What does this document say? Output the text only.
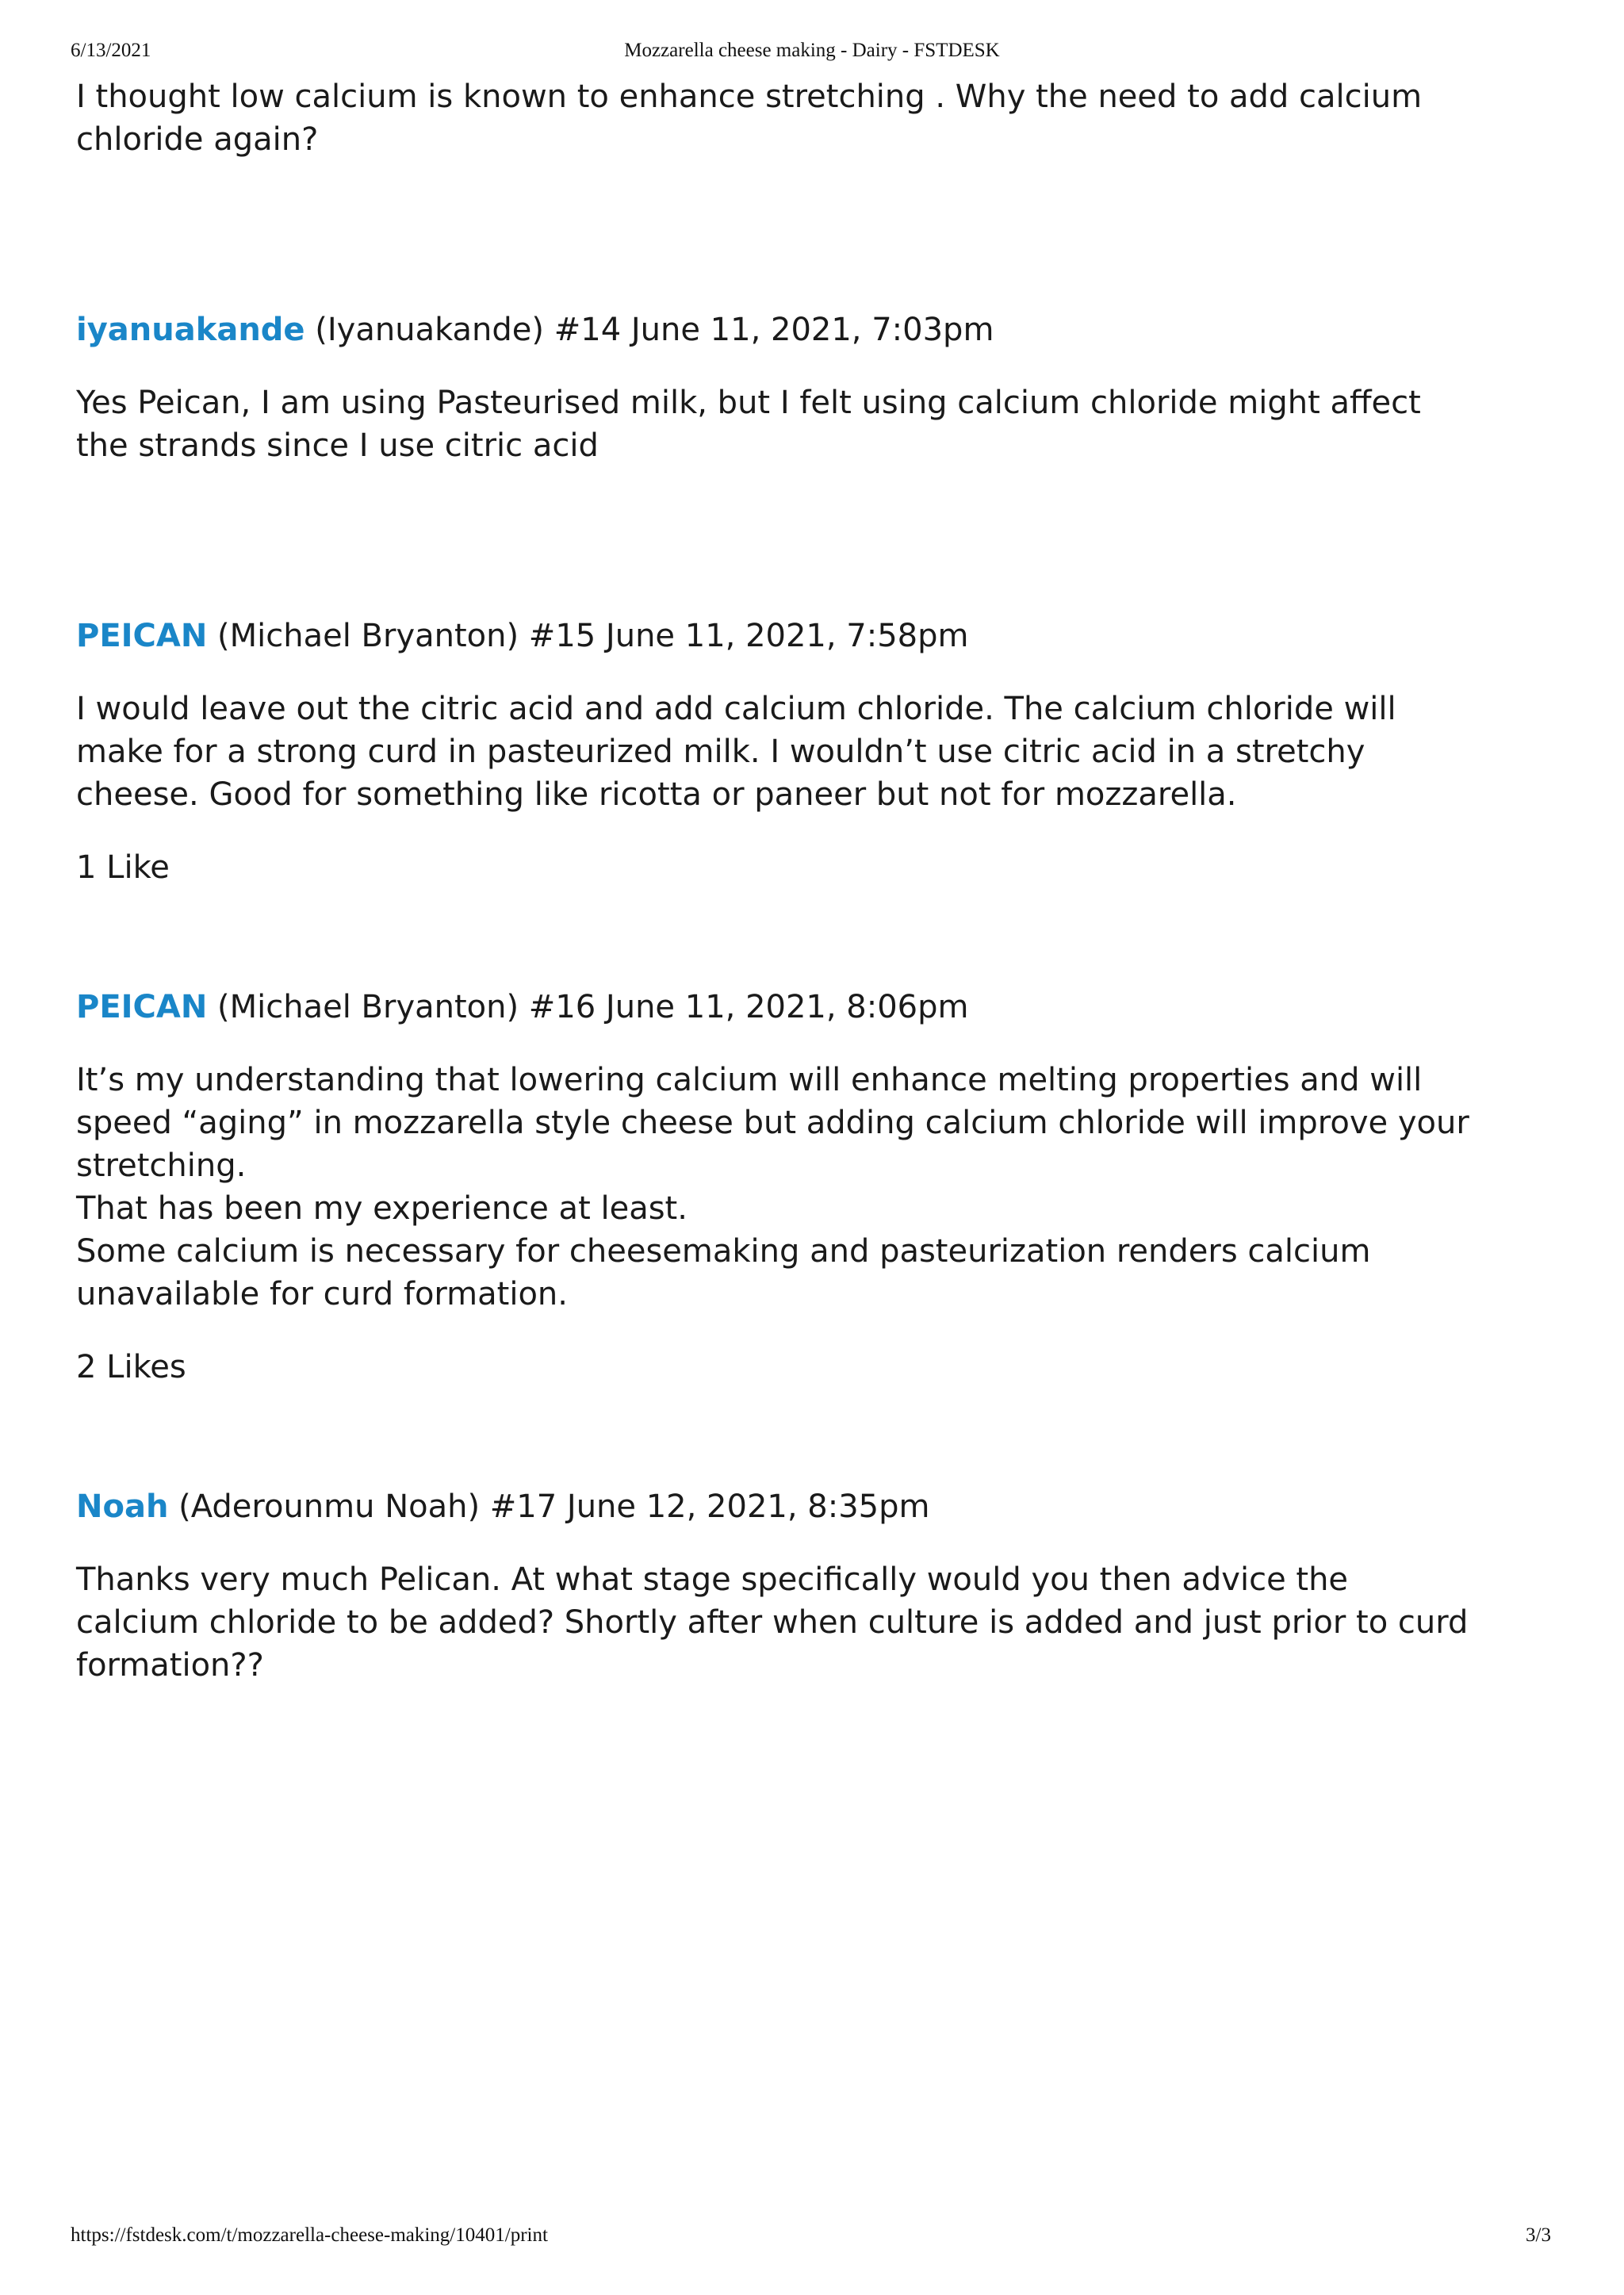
6/13/2021	Mozzarella cheese making - Dairy - FSTDESK

I thought low calcium is known to enhance stretching . Why the need to add calcium chloride again?

iyanuakande (Iyanuakande) #14 June 11, 2021, 7:03pm

Yes Peican, I am using Pasteurised milk, but I felt using calcium chloride might affect the strands since I use citric acid

PEICAN (Michael Bryanton) #15 June 11, 2021, 7:58pm

I would leave out the citric acid and add calcium chloride. The calcium chloride will make for a strong curd in pasteurized milk. I wouldn’t use citric acid in a stretchy cheese. Good for something like ricotta or paneer but not for mozzarella.

1 Like
PEICAN (Michael Bryanton) #16 June 11, 2021, 8:06pm

It’s my understanding that lowering calcium will enhance melting properties and will speed “aging” in mozzarella style cheese but adding calcium chloride will improve your stretching.

That has been my experience at least.

Some calcium is necessary for cheesemaking and pasteurization renders calcium unavailable for curd formation.

2 Likes
Noah (Aderounmu Noah) #17 June 12, 2021, 8:35pm

Thanks very much Pelican. At what stage specifically would you then advice the calcium chloride to be added? Shortly after when culture is added and just prior to curd formation??

https://fstdesk.com/t/mozzarella-cheese-making/10401/print	3/3
